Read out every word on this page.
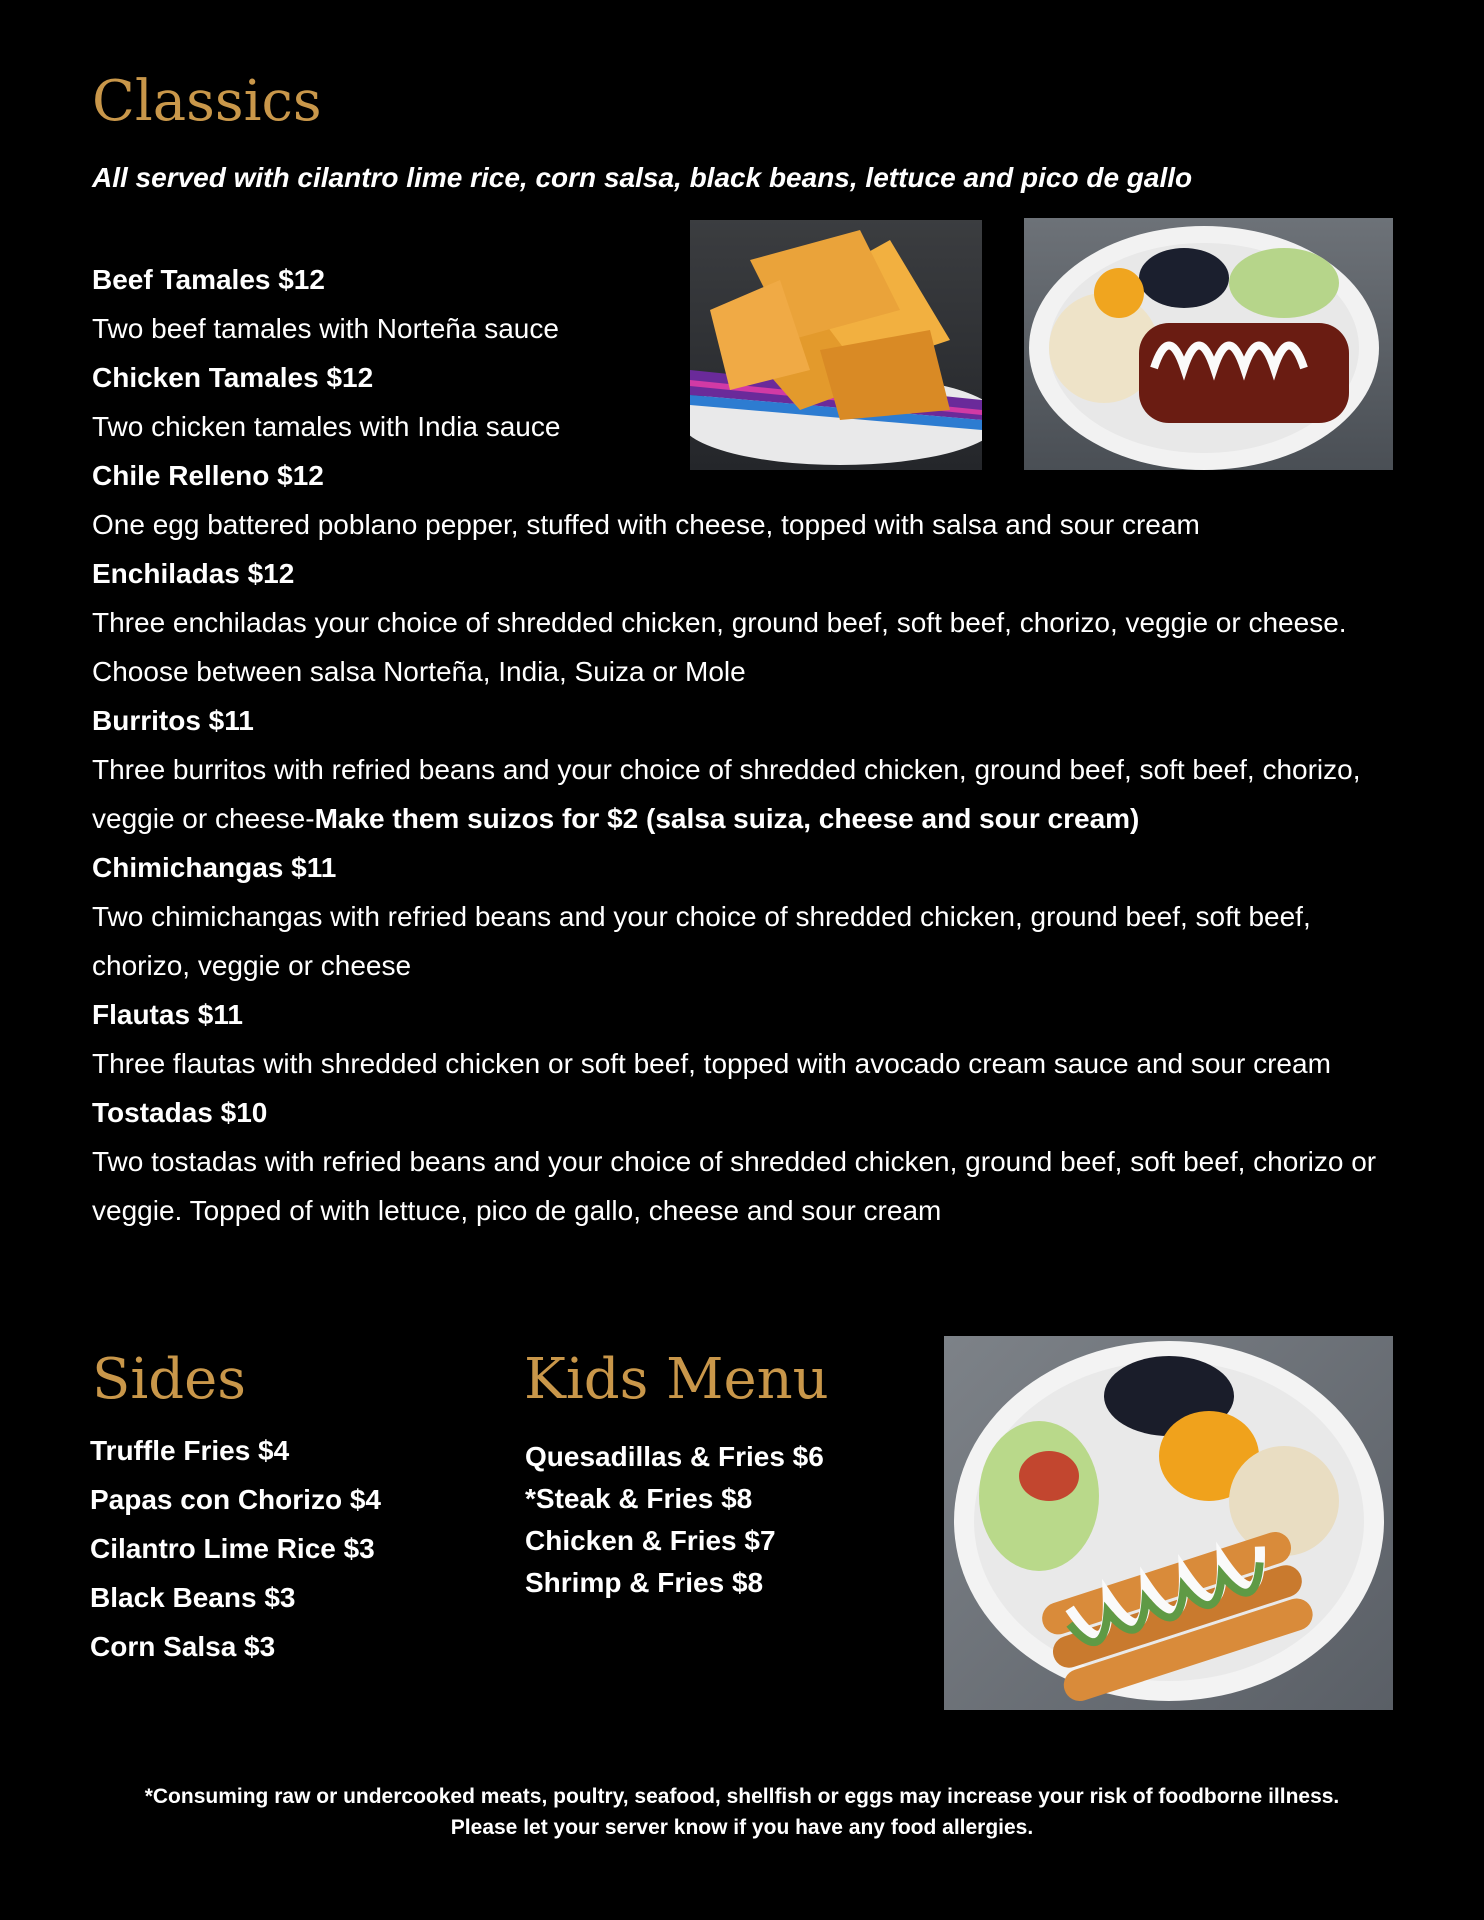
Classics
All served with cilantro lime rice, corn salsa, black beans, lettuce and pico de gallo
Beef Tamales $12
Two beef tamales with Norteña sauce
Chicken Tamales $12
Two chicken tamales with India sauce
Chile Relleno $12
One egg battered poblano pepper, stuffed with cheese, topped with salsa and sour cream
Enchiladas $12
Three enchiladas your choice of shredded chicken, ground beef, soft beef, chorizo, veggie or cheese. Choose between salsa Norteña, India, Suiza or Mole
Burritos $11
Three burritos with refried beans and your choice of shredded chicken, ground beef, soft beef, chorizo, veggie or cheese-Make them suizos for $2 (salsa suiza, cheese and sour cream)
Chimichangas $11
Two chimichangas with refried beans and your choice of shredded chicken, ground beef, soft beef, chorizo, veggie or cheese
Flautas $11
Three flautas with shredded chicken or soft beef, topped with avocado cream sauce and sour cream
Tostadas $10
Two tostadas with refried beans and your choice of shredded chicken, ground beef, soft beef, chorizo or veggie. Topped of with lettuce, pico de gallo, cheese and sour cream
Sides
Truffle Fries $4
Papas con Chorizo $4
Cilantro Lime Rice $3
Black Beans $3
Corn Salsa $3
Kids Menu
Quesadillas & Fries $6
*Steak & Fries $8
Chicken & Fries $7
Shrimp & Fries $8
*Consuming raw or undercooked meats, poultry, seafood, shellfish or eggs may increase your risk of foodborne illness.
Please let your server know if you have any food allergies.
